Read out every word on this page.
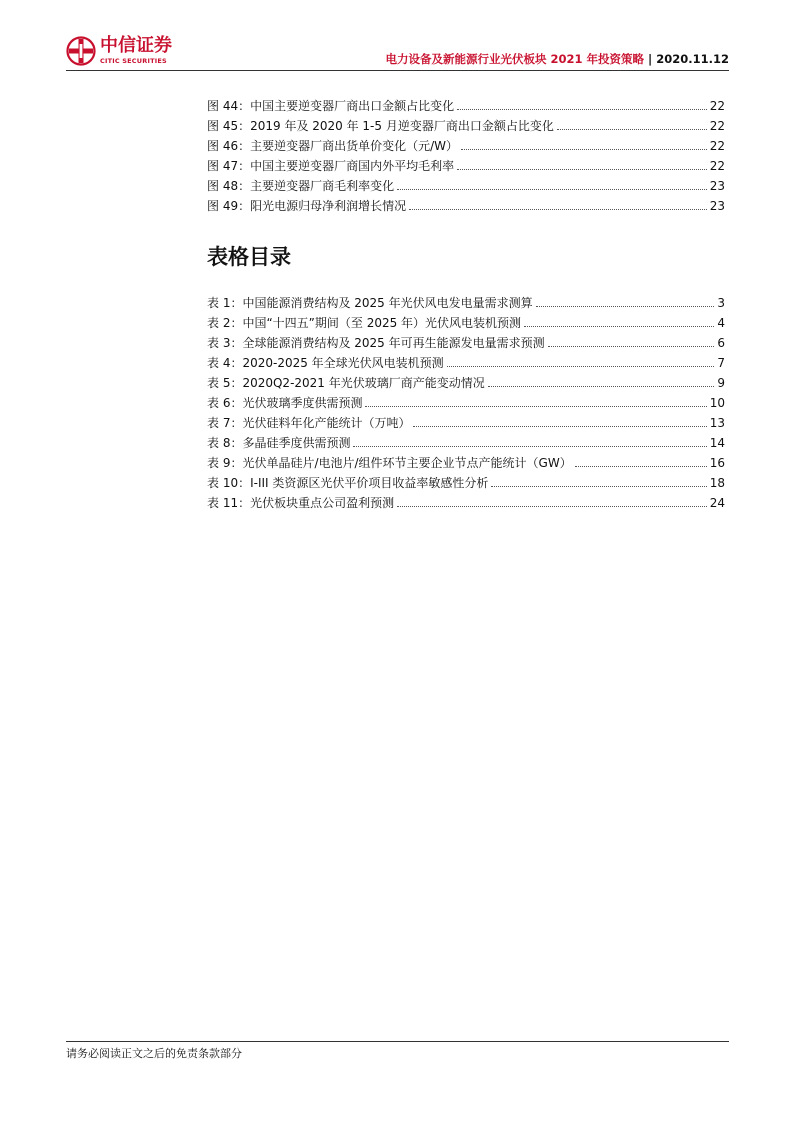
中信证券
CITIC SECURITIES	电力设备及新能源行业光伏板块 2021 年投资策略 | 2020.11.12
图 44：中国主要逆变器厂商出口金额占比变化	22
图 45：2019 年及 2020 年 1-5 月逆变器厂商出口金额占比变化	22
图 46：主要逆变器厂商出货单价变化（元/W）	22
图 47：中国主要逆变器厂商国内外平均毛利率	22
图 48：主要逆变器厂商毛利率变化	23
图 49：阳光电源归母净利润增长情况	23
表格目录
表 1：中国能源消费结构及 2025 年光伏风电发电量需求测算	3
表 2：中国“十四五”期间（至 2025 年）光伏风电装机预测	4
表 3：全球能源消费结构及 2025 年可再生能源发电量需求预测	6
表 4：2020-2025 年全球光伏风电装机预测	7
表 5：2020Q2-2021 年光伏玻璃厂商产能变动情况	9
表 6：光伏玻璃季度供需预测	10
表 7：光伏硅料年化产能统计（万吨）	13
表 8：多晶硅季度供需预测	14
表 9：光伏单晶硅片/电池片/组件环节主要企业节点产能统计（GW）	16
表 10：I-III 类资源区光伏平价项目收益率敏感性分析	18
表 11：光伏板块重点公司盈利预测	24
请务必阅读正文之后的免责条款部分
